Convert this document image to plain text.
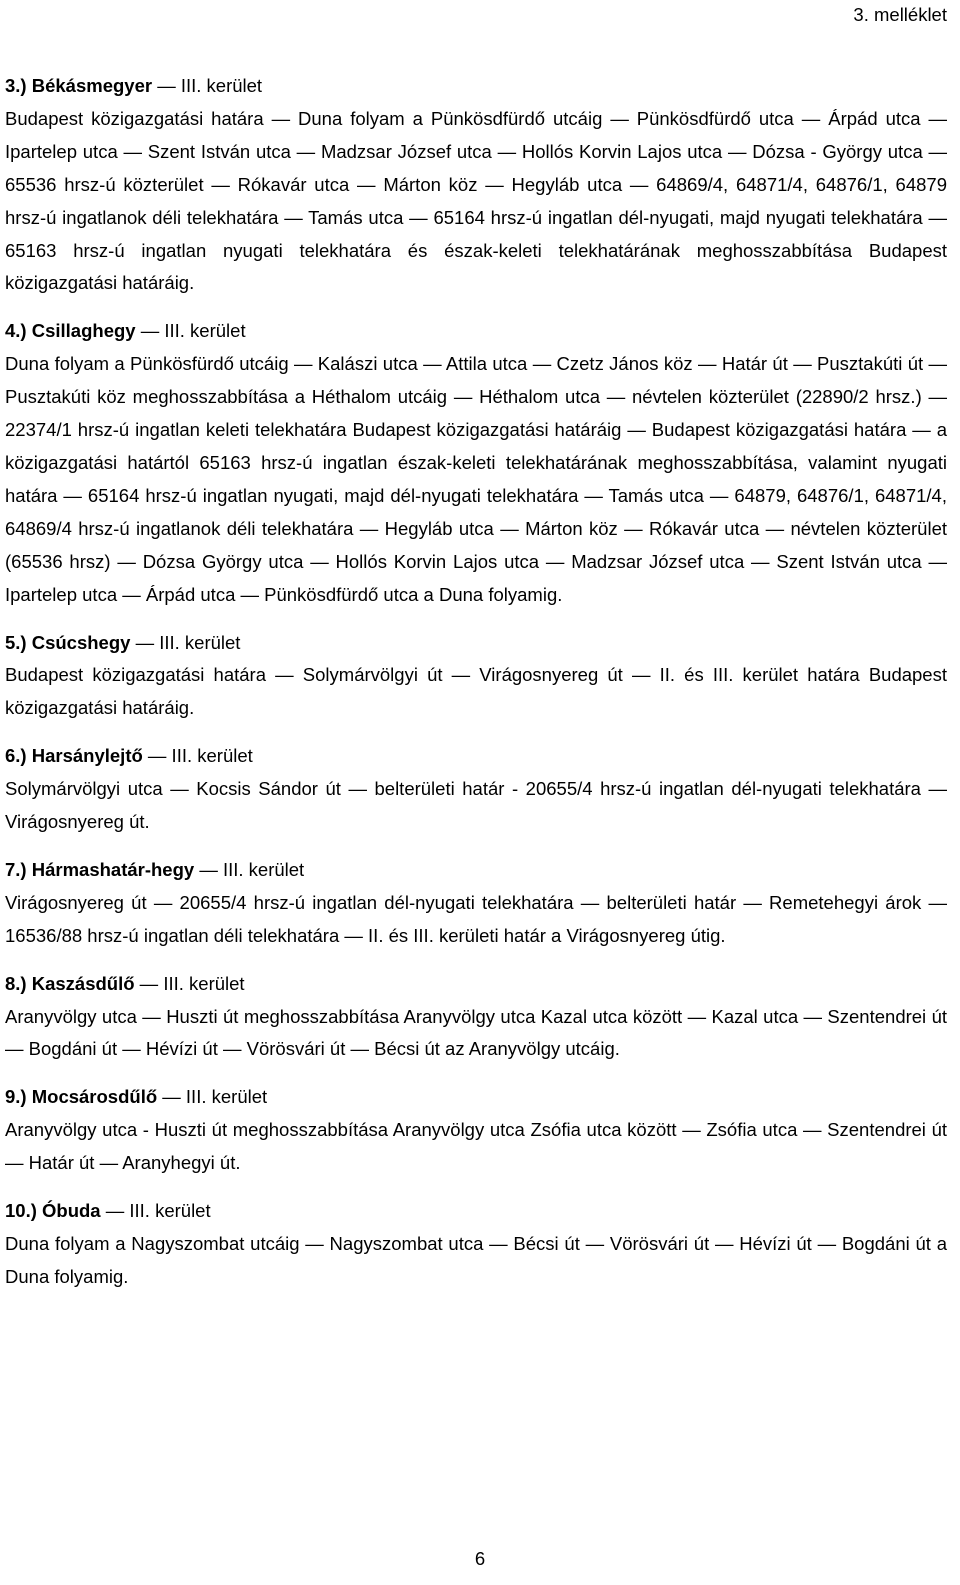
3. melléklet
3.) Békásmegyer — III. kerület
Budapest közigazgatási határa — Duna folyam a Pünkösdfürdő utcáig — Pünkösdfürdő utca — Árpád utca — Ipartelep utca — Szent István utca — Madzsar József utca — Hollós Korvin Lajos utca — Dózsa - György utca — 65536 hrsz-ú közterület — Rókavár utca — Márton köz — Hegyláb utca — 64869/4, 64871/4, 64876/1, 64879 hrsz-ú ingatlanok déli telekhatára — Tamás utca — 65164 hrsz-ú ingatlan dél-nyugati, majd nyugati telekhatára — 65163 hrsz-ú ingatlan nyugati telekhatára és észak-keleti telekhatárának meghosszabbítása Budapest közigazgatási határáig.
4.) Csillaghegy — III. kerület
Duna folyam a Pünkösfürdő utcáig — Kalászi utca — Attila utca — Czetz János köz — Határ út — Pusztakúti út — Pusztakúti köz meghosszabbítása a Héthalom utcáig — Héthalom utca — névtelen közterület (22890/2 hrsz.) — 22374/1 hrsz-ú ingatlan keleti telekhatára Budapest közigazgatási határáig — Budapest közigazgatási határa — a közigazgatási határtól 65163 hrsz-ú ingatlan észak-keleti telekhatárának meghosszabbítása, valamint nyugati határa — 65164 hrsz-ú ingatlan nyugati, majd dél-nyugati telekhatára — Tamás utca — 64879, 64876/1, 64871/4, 64869/4 hrsz-ú ingatlanok déli telekhatára — Hegyláb utca — Márton köz — Rókavár utca — névtelen közterület (65536 hrsz) — Dózsa György utca — Hollós Korvin Lajos utca — Madzsar József utca — Szent István utca — Ipartelep utca — Árpád utca — Pünkösdfürdő utca a Duna folyamig.
5.) Csúcshegy — III. kerület
Budapest közigazgatási határa — Solymárvölgyi út — Virágosnyereg út — II. és III. kerület határa Budapest közigazgatási határáig.
6.) Harsánylejtő — III. kerület
Solymárvölgyi utca — Kocsis Sándor út — belterületi határ - 20655/4 hrsz-ú ingatlan dél-nyugati telekhatára — Virágosnyereg út.
7.) Hármashatár-hegy — III. kerület
Virágosnyereg út — 20655/4 hrsz-ú ingatlan dél-nyugati telekhatára — belterületi határ — Remetehegyi árok — 16536/88 hrsz-ú ingatlan déli telekhatára — II. és III. kerületi határ a Virágosnyereg útig.
8.) Kaszásdűlő — III. kerület
Aranyvölgy utca — Huszti út meghosszabbítása Aranyvölgy utca Kazal utca között — Kazal utca — Szentendrei út — Bogdáni út — Hévízi út — Vörösvári út — Bécsi út az Aranyvölgy utcáig.
9.) Mocsárosdűlő — III. kerület
Aranyvölgy utca - Huszti út meghosszabbítása Aranyvölgy utca Zsófia utca között — Zsófia utca — Szentendrei út — Határ út — Aranyhegyi út.
10.) Óbuda — III. kerület
Duna folyam a Nagyszombat utcáig — Nagyszombat utca — Bécsi út — Vörösvári út — Hévízi út — Bogdáni út a Duna folyamig.
6
